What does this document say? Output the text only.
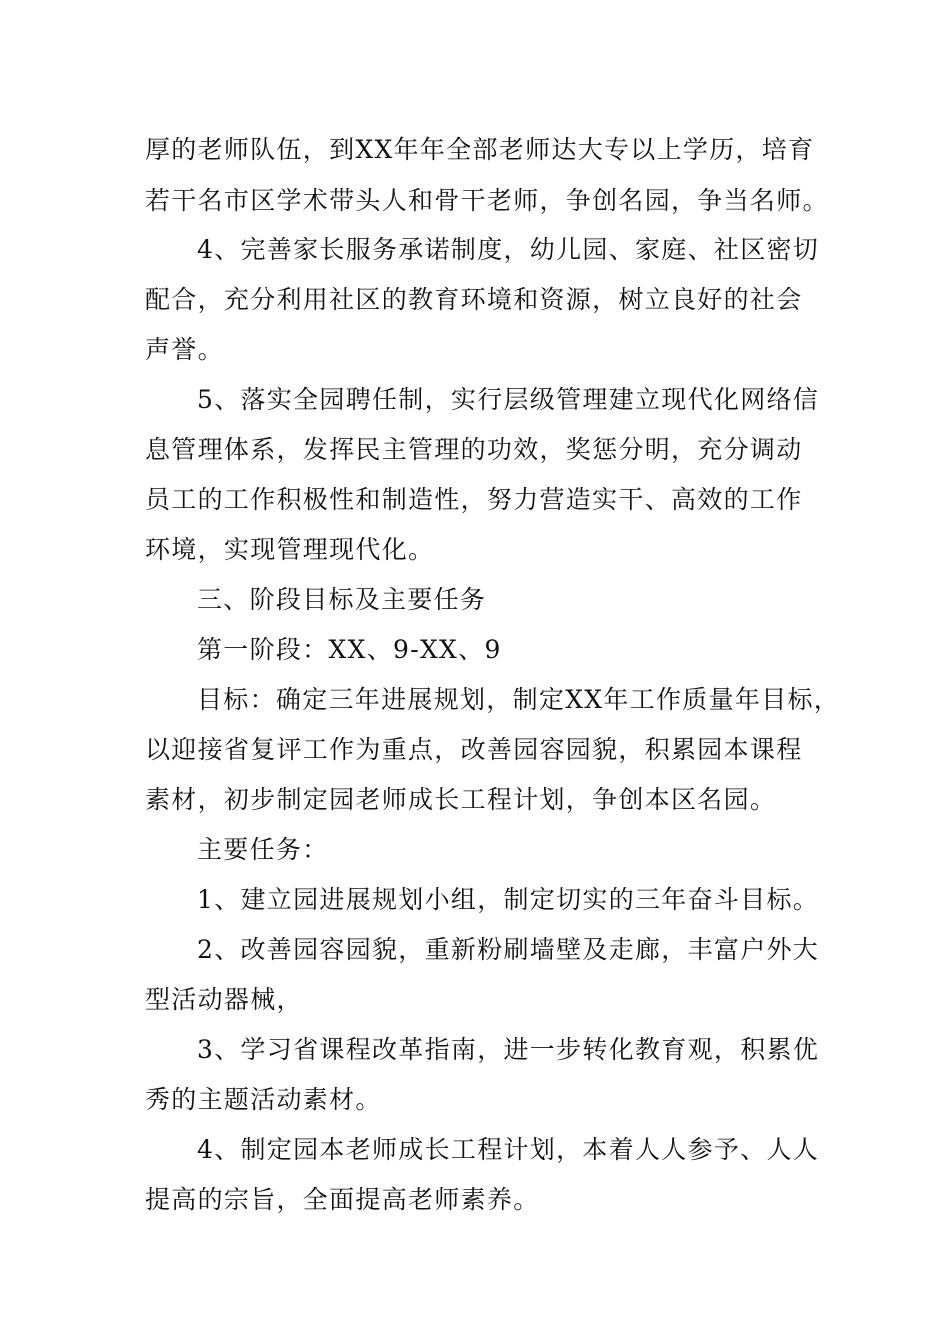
厚的老师队伍，到XX年年全部老师达大专以上学历，培育

若干名市区学术带头人和骨干老师，争创名园，争当名师。

4、完善家长服务承诺制度，幼儿园、家庭、社区密切

配合，充分利用社区的教育环境和资源，树立良好的社会

声誉。

5、落实全园聘任制，实行层级管理建立现代化网络信

息管理体系，发挥民主管理的功效，奖惩分明，充分调动

员工的工作积极性和制造性，努力营造实干、高效的工作

环境，实现管理现代化。

三、阶段目标及主要任务

第一阶段：XX、9-XX、9

目标：确定三年进展规划，制定XX年工作质量年目标，

以迎接省复评工作为重点，改善园容园貌，积累园本课程

素材，初步制定园老师成长工程计划，争创本区名园。

主要任务：

1、建立园进展规划小组，制定切实的三年奋斗目标。

2、改善园容园貌，重新粉刷墙壁及走廊，丰富户外大

型活动器械，

3、学习省课程改革指南，进一步转化教育观，积累优

秀的主题活动素材。

4、制定园本老师成长工程计划，本着人人参予、人人

提高的宗旨，全面提高老师素养。
